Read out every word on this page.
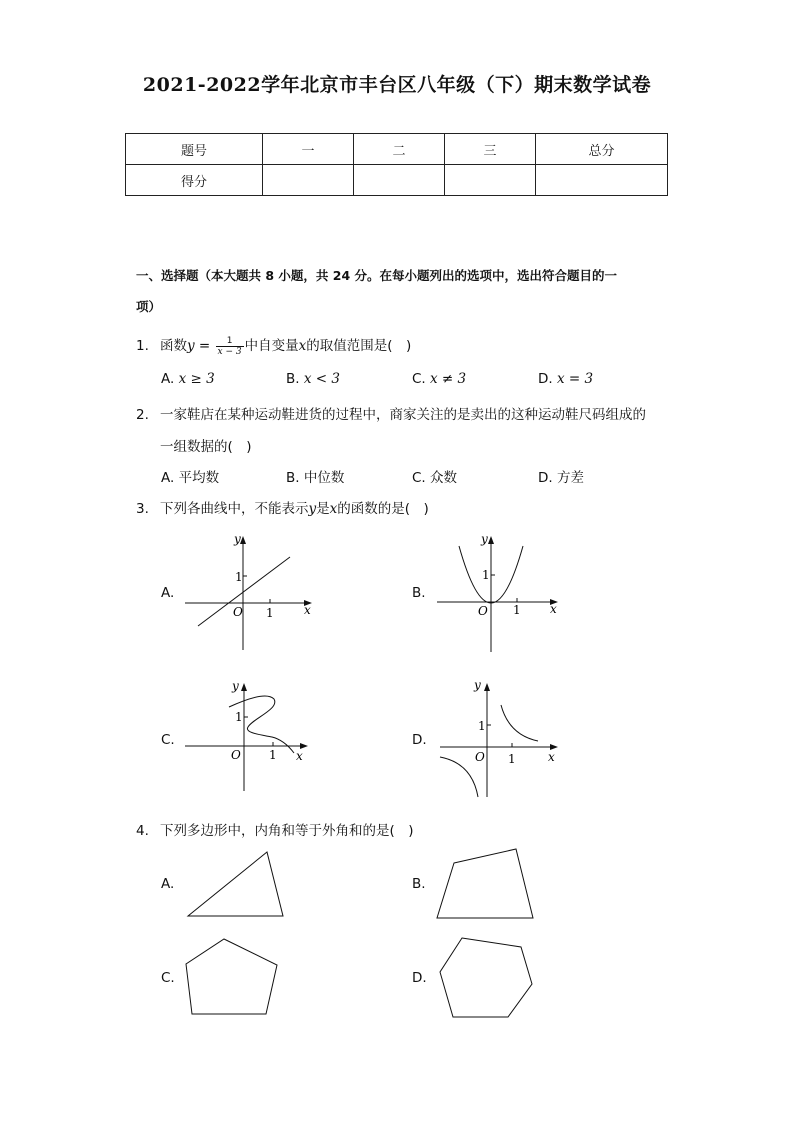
2021-2022学年北京市丰台区八年级（下）期末数学试卷
题号	一	二	三	总分
得分				
一、选择题（本大题共 8 小题，共 24 分。在每小题列出的选项中，选出符合题目的一
项）
1. 函数$y = \frac{1}{x - 3}$ 中自变量x的取值范围是(　)
A. x ≥ 3	B. x < 3	C. x ≠ 3	D. x = 3
2. 一家鞋店在某种运动鞋进货的过程中，商家关注的是卖出的这种运动鞋尺码组成的
一组数据的(　)
A. 平均数	B. 中位数	C. 众数	D. 方差
3. 下列各曲线中，不能表示y是x的函数的是(　)
A.	B.
C.	D.
y
x
O 1
1
y
x
O 1
1
y
x
O 1
1
y
x
O 1
1
4. 下列多边形中，内角和等于外角和的是(　)
A.	B.
C.	D.
